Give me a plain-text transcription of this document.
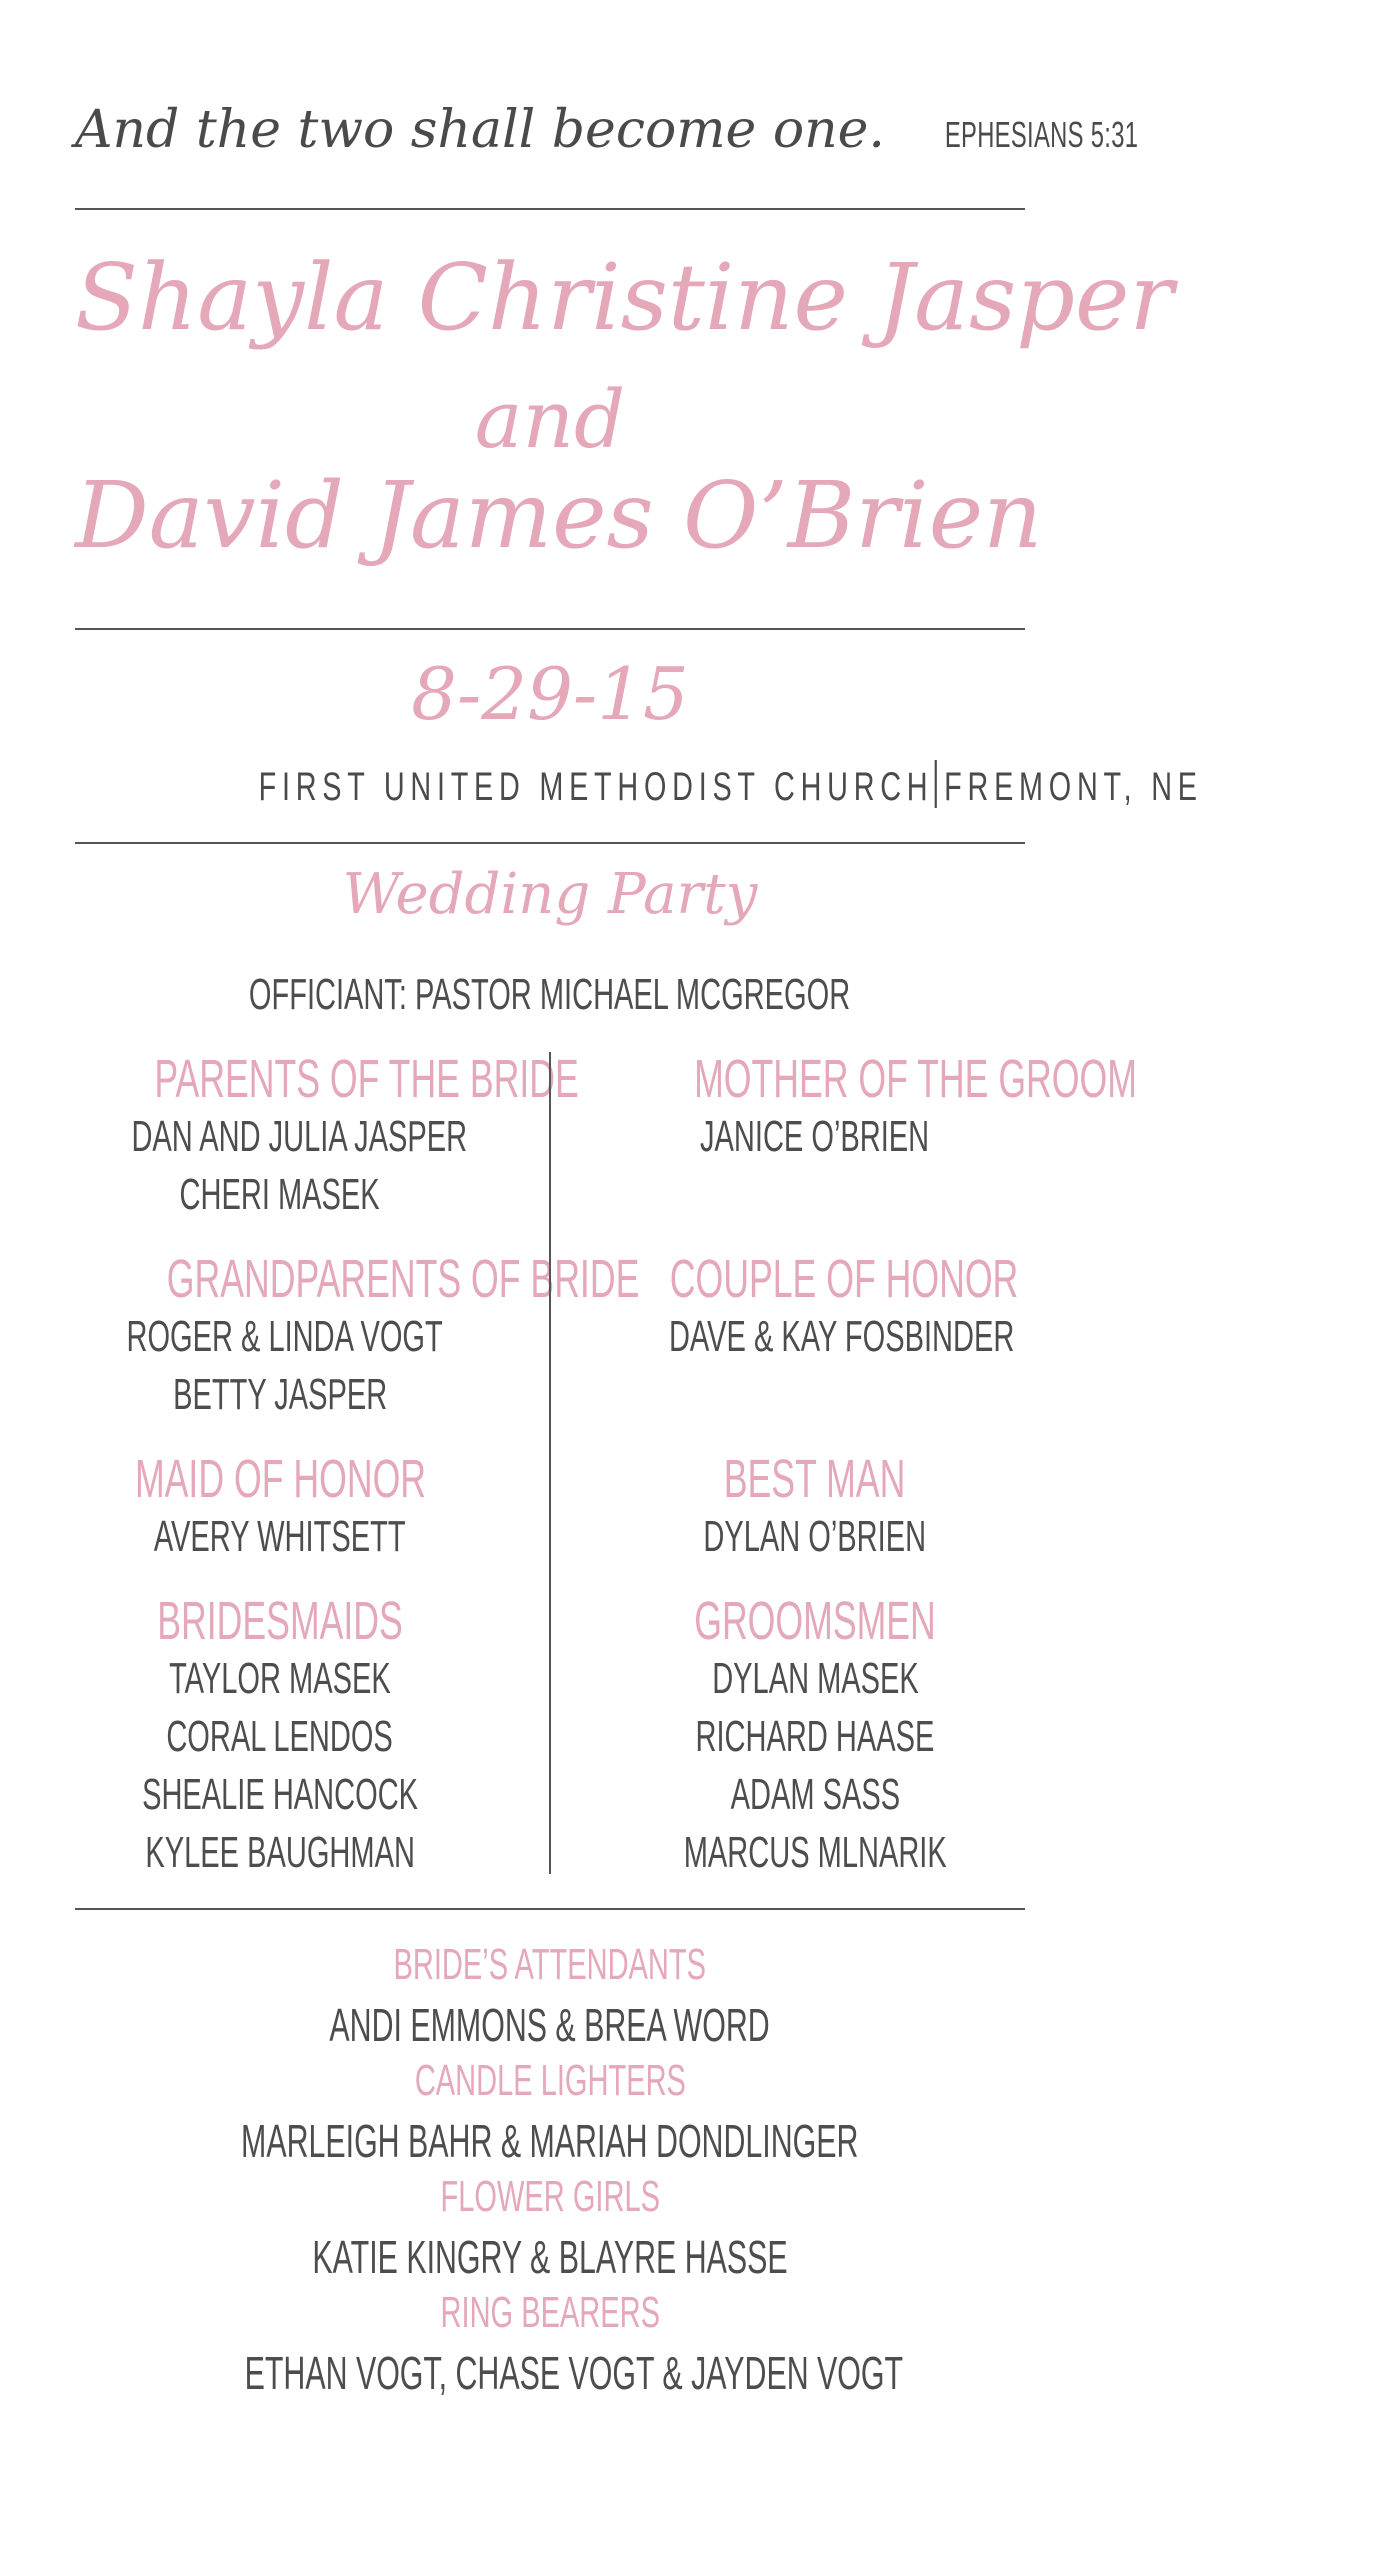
And the two shall become one. EPHESIANS 5:31
Shayla Christine Jasper
and
David James O’Brien
8-29-15
FIRST UNITED METHODIST CHURCH FREMONT, NE
Wedding Party
OFFICIANT: PASTOR MICHAEL MCGREGOR
PARENTS OF THE BRIDE
DAN AND JULIA JASPER
CHERI MASEK
GRANDPARENTS OF BRIDE
ROGER & LINDA VOGT
BETTY JASPER
MAID OF HONOR
AVERY WHITSETT
BRIDESMAIDS
TAYLOR MASEK
CORAL LENDOS
SHEALIE HANCOCK
KYLEE BAUGHMAN
MOTHER OF THE GROOM
JANICE O’BRIEN
COUPLE OF HONOR
DAVE & KAY FOSBINDER
BEST MAN
DYLAN O’BRIEN
GROOMSMEN
DYLAN MASEK
RICHARD HAASE
ADAM SASS
MARCUS MLNARIK
BRIDE’S ATTENDANTS
ANDI EMMONS & BREA WORD
CANDLE LIGHTERS
MARLEIGH BAHR & MARIAH DONDLINGER
FLOWER GIRLS
KATIE KINGRY & BLAYRE HASSE
RING BEARERS
ETHAN VOGT, CHASE VOGT & JAYDEN VOGT
